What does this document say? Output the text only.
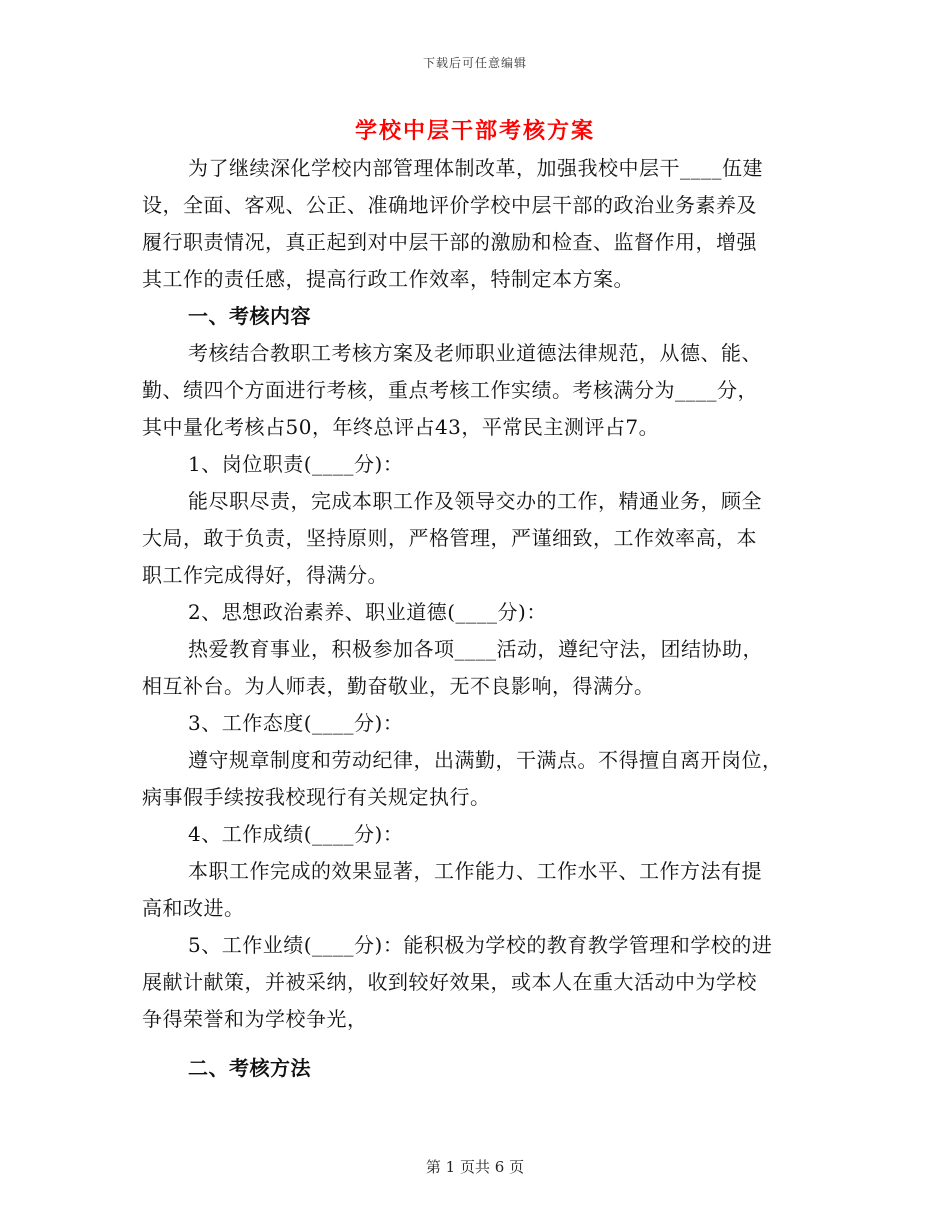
下载后可任意编辑
学校中层干部考核方案
为了继续深化学校内部管理体制改革，加强我校中层干____伍建
设，全面、客观、公正、准确地评价学校中层干部的政治业务素养及
履行职责情况，真正起到对中层干部的激励和检查、监督作用，增强
其工作的责任感，提高行政工作效率，特制定本方案。
一、考核内容
考核结合教职工考核方案及老师职业道德法律规范，从德、能、
勤、绩四个方面进行考核，重点考核工作实绩。考核满分为____分，
其中量化考核占50，年终总评占43，平常民主测评占7。
1、岗位职责(____分)：
能尽职尽责，完成本职工作及领导交办的工作，精通业务，顾全
大局，敢于负责，坚持原则，严格管理，严谨细致，工作效率高，本
职工作完成得好，得满分。
2、思想政治素养、职业道德(____分)：
热爱教育事业，积极参加各项____活动，遵纪守法，团结协助，
相互补台。为人师表，勤奋敬业，无不良影响，得满分。
3、工作态度(____分)：
遵守规章制度和劳动纪律，出满勤，干满点。不得擅自离开岗位，
病事假手续按我校现行有关规定执行。
4、工作成绩(____分)：
本职工作完成的效果显著，工作能力、工作水平、工作方法有提
高和改进。
5、工作业绩(____分)：能积极为学校的教育教学管理和学校的进
展献计献策，并被采纳，收到较好效果，或本人在重大活动中为学校
争得荣誉和为学校争光，
二、考核方法
第 1 页共 6 页
